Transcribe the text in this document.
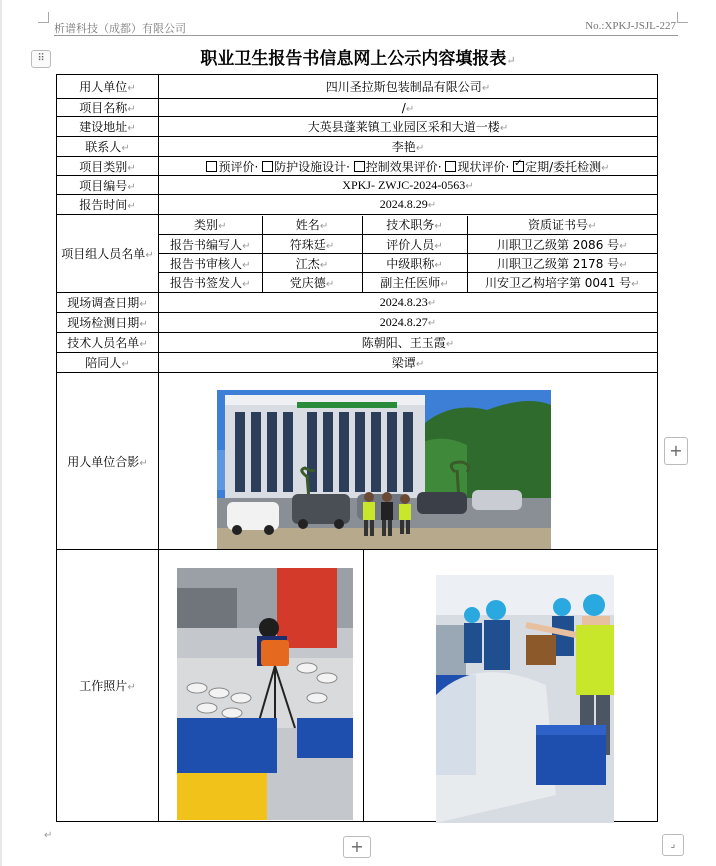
析谱科技（成都）有限公司	No.:XPKJ-JSJL-227
⠿	职业卫生报告书信息网上公示内容填报表↵
用人单位↵	四川圣拉斯包装制品有限公司↵
项目名称↵	/↵
建设地址↵	大英县蓬莱镇工业园区采和大道一楼↵
联系人↵	李艳↵
项目类别↵	预评价· 防护设施设计· 控制效果评价· 现状评价· ✓定期/委托检测↵
项目编号↵	XPKJ- ZWJC-2024-0563↵
报告时间↵	2024.8.29↵
项目组人员名单↵	
类别↵	姓名↵	技术职务↵	资质证书号↵
报告书编写人↵	符珠廷↵	评价人员↵	川职卫乙级第 2086 号↵
报告书审核人↵	江杰↵	中级职称↵	川职卫乙级第 2178 号↵
报告书签发人↵	党庆德↵	副主任医师↵	川安卫乙构培字第 0041 号↵

现场调查日期↵	2024.8.23↵
现场检测日期↵	2024.8.27↵
技术人员名单↵	陈朝阳、王玉霞↵
陪同人↵	梁谭↵
用人单位合影↵	
工作照片↵	
+
+	⌟
↵
